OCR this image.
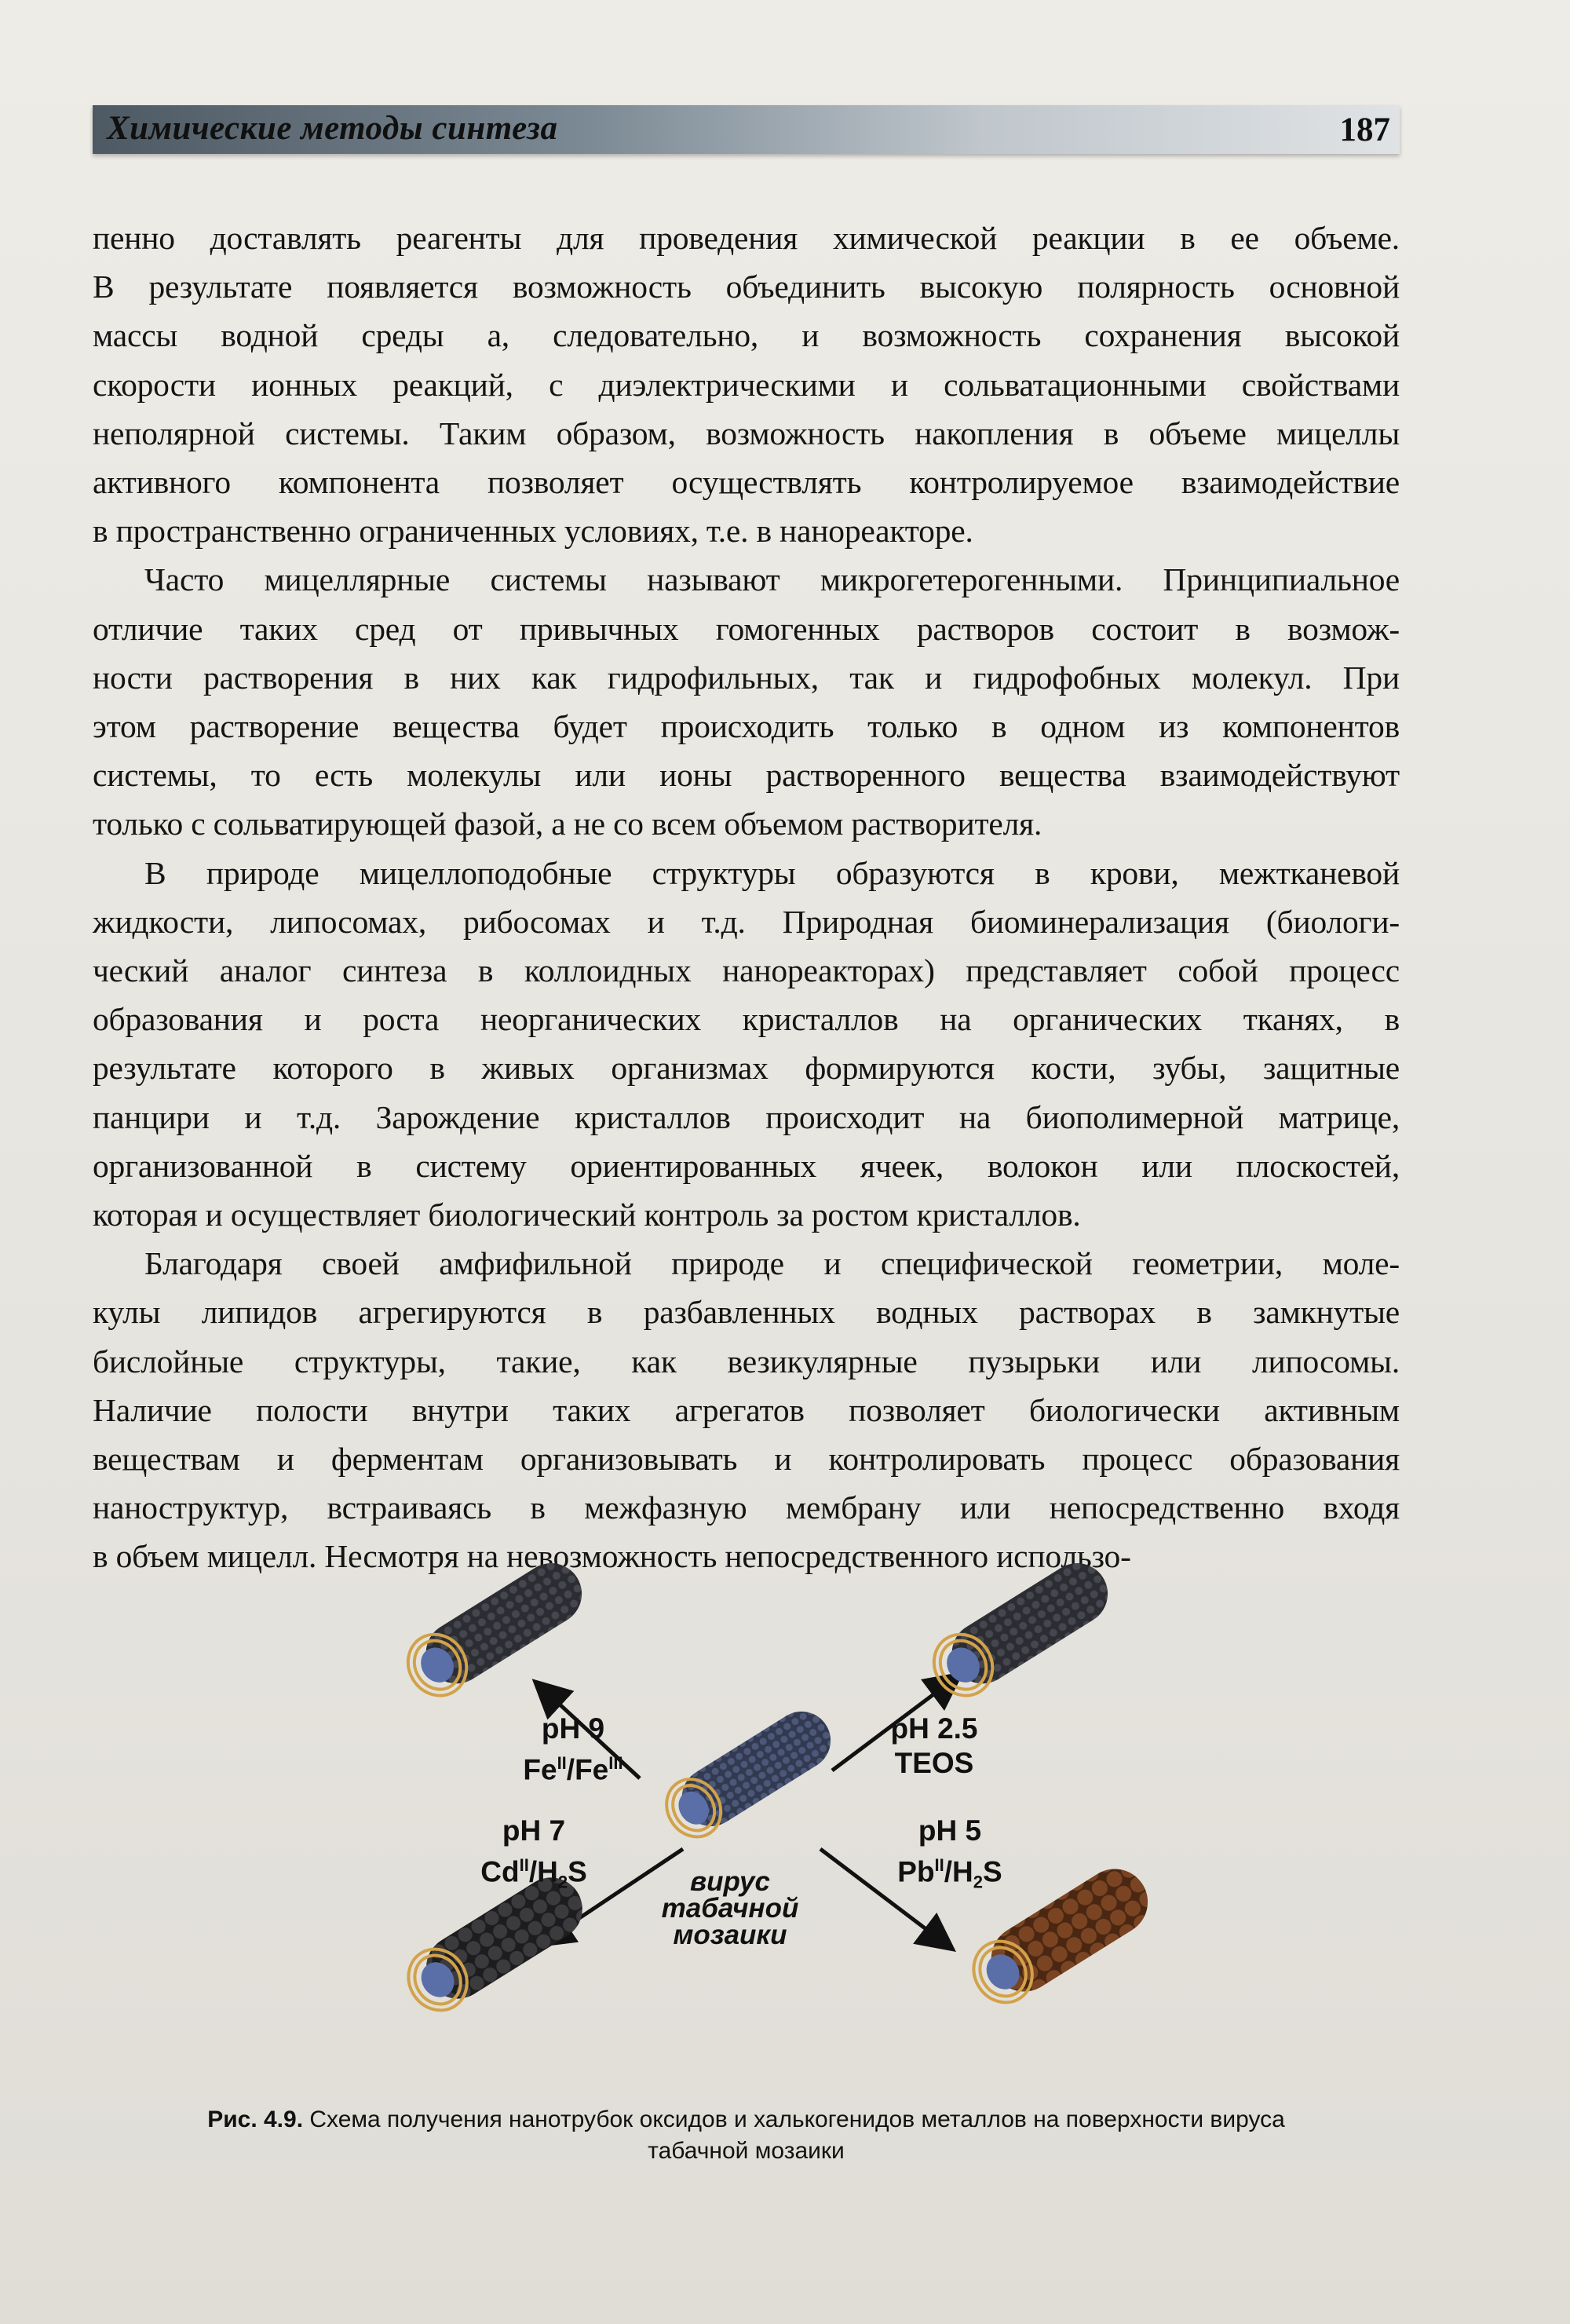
Химические методы синтеза	187
пенно доставлять реагенты для проведения химической реакции в ее объеме.
В результате появляется возможность объединить высокую полярность основной
массы водной среды а, следовательно, и возможность сохранения высокой
скорости ионных реакций, с диэлектрическими и сольватационными свойствами
неполярной системы. Таким образом, возможность накопления в объеме мицеллы
активного компонента позволяет осуществлять контролируемое взаимодействие
в пространственно ограниченных условиях, т.е. в нанореакторе.
Часто мицеллярные системы называют микрогетерогенными. Принципиальное
отличие таких сред от привычных гомогенных растворов состоит в возмож-
ности растворения в них как гидрофильных, так и гидрофобных молекул. При
этом растворение вещества будет происходить только в одном из компонентов
системы, то есть молекулы или ионы растворенного вещества взаимодействуют
только с сольватирующей фазой, а не со всем объемом растворителя.
В природе мицеллоподобные структуры образуются в крови, межтканевой
жидкости, липосомах, рибосомах и т.д. Природная биоминерализация (биологи-
ческий аналог синтеза в коллоидных нанореакторах) представляет собой процесс
образования и роста неорганических кристаллов на органических тканях, в
результате которого в живых организмах формируются кости, зубы, защитные
панцири и т.д. Зарождение кристаллов происходит на биополимерной матрице,
организованной в систему ориентированных ячеек, волокон или плоскостей,
которая и осуществляет биологический контроль за ростом кристаллов.
Благодаря своей амфифильной природе и специфической геометрии, моле-
кулы липидов агрегируются в разбавленных водных растворах в замкнутые
бислойные структуры, такие, как везикулярные пузырьки или липосомы.
Наличие полости внутри таких агрегатов позволяет биологически активным
веществам и ферментам организовывать и контролировать процесс образования
наноструктур, встраиваясь в межфазную мембрану или непосредственно входя
в объем мицелл. Несмотря на невозможность непосредственного использо-
pH 9
$Fe^{II}/Fe^{III}$
pH 2.5
TEOS
pH 7
$Cd^{II}/H_2S$
pH 5
$Pb^{II}/H_2S$
вирус
табачной
мозаики
Рис. 4.9. Схема получения нанотрубок оксидов и халькогенидов металлов на поверхности вируса
табачной мозаики
